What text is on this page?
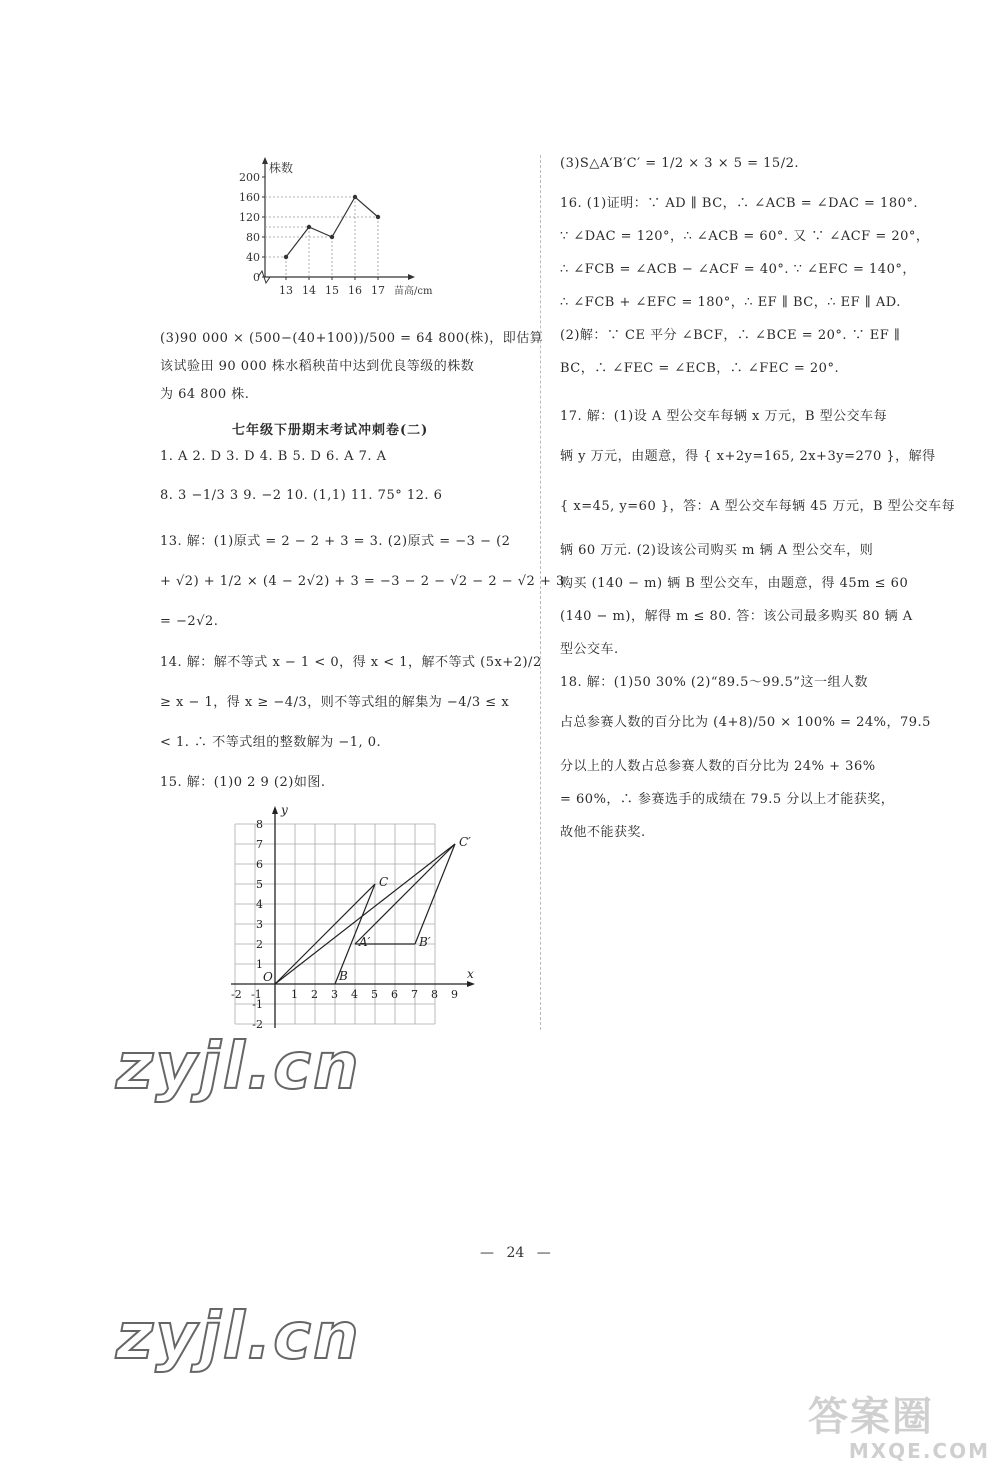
0
40
80
120
160
200
13 14 15 16 17
株数
苗高/cm
(3)90 000 × (500−(40+100))/500 = 64 800(株)，即估算
该试验田 90 000 株水稻秧苗中达到优良等级的株数
为 64 800 株.
七年级下册期末考试冲刺卷(二)
1. A 2. D 3. D 4. B 5. D 6. A 7. A
8. 3 −1/3 3 9. −2 10. (1,1) 11. 75° 12. 6
13. 解：(1)原式 = 2 − 2 + 3 = 3. (2)原式 = −3 − (2
+ √2) + 1/2 × (4 − 2√2) + 3 = −3 − 2 − √2 − 2 − √2 + 3
= −2√2.
14. 解：解不等式 x − 1 < 0，得 x < 1，解不等式 (5x+2)/2
≥ x − 1，得 x ≥ −4/3，则不等式组的解集为 −4/3 ≤ x
< 1. ∴ 不等式组的整数解为 −1, 0.
15. 解：(1)0 2 9 (2)如图.
A′
B
C
B′
C′
-2 -1	1 2 3 4 5 6 7 8 9
8
7
6
5
4
3
2
1
-1
-2
O	x
y
(3)S△A′B′C′ = 1/2 × 3 × 5 = 15/2.
16. (1)证明：∵ AD ∥ BC，∴ ∠ACB = ∠DAC = 180°.
∵ ∠DAC = 120°，∴ ∠ACB = 60°. 又 ∵ ∠ACF = 20°，
∴ ∠FCB = ∠ACB − ∠ACF = 40°. ∵ ∠EFC = 140°，
∴ ∠FCB + ∠EFC = 180°，∴ EF ∥ BC，∴ EF ∥ AD.
(2)解：∵ CE 平分 ∠BCF，∴ ∠BCE = 20°. ∵ EF ∥
BC，∴ ∠FEC = ∠ECB，∴ ∠FEC = 20°.
17. 解：(1)设 A 型公交车每辆 x 万元，B 型公交车每
辆 y 万元，由题意，得 { x+2y=165, 2x+3y=270 }，解得
{ x=45, y=60 }，答：A 型公交车每辆 45 万元，B 型公交车每
辆 60 万元. (2)设该公司购买 m 辆 A 型公交车，则
购买 (140 − m) 辆 B 型公交车，由题意，得 45m ≤ 60
(140 − m)，解得 m ≤ 80. 答：该公司最多购买 80 辆 A
型公交车.
18. 解：(1)50 30% (2)“89.5～99.5”这一组人数
占总参赛人数的百分比为 (4+8)/50 × 100% = 24%，79.5
分以上的人数占总参赛人数的百分比为 24% + 36%
= 60%，∴ 参赛选手的成绩在 79.5 分以上才能获奖，
故他不能获奖.
zyjl.cn
zyjl.cn
— 24 —
答案圈
MXQE.COM
